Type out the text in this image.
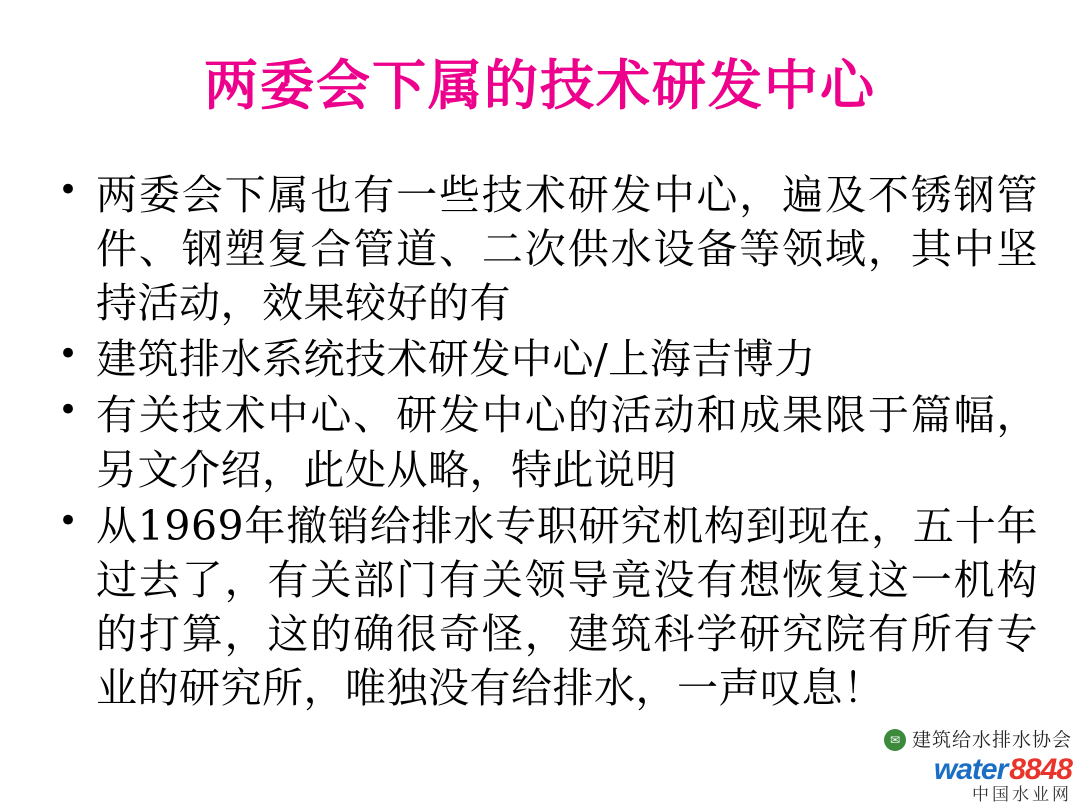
两委会下属的技术研发中心
• 两委会下属也有一些技术研发中心，遍及不锈钢管件、钢塑复合管道、二次供水设备等领域，其中坚持活动，效果较好的有
• 建筑排水系统技术研发中心/上海吉博力
• 有关技术中心、研发中心的活动和成果限于篇幅，另文介绍，此处从略，特此说明
• 从1969年撤销给排水专职研究机构到现在，五十年过去了，有关部门有关领导竟没有想恢复这一机构的打算，这的确很奇怪，建筑科学研究院有所有专业的研究所，唯独没有给排水，一声叹息！
✉ 建筑给水排水协会
water 8848
中国水业网
